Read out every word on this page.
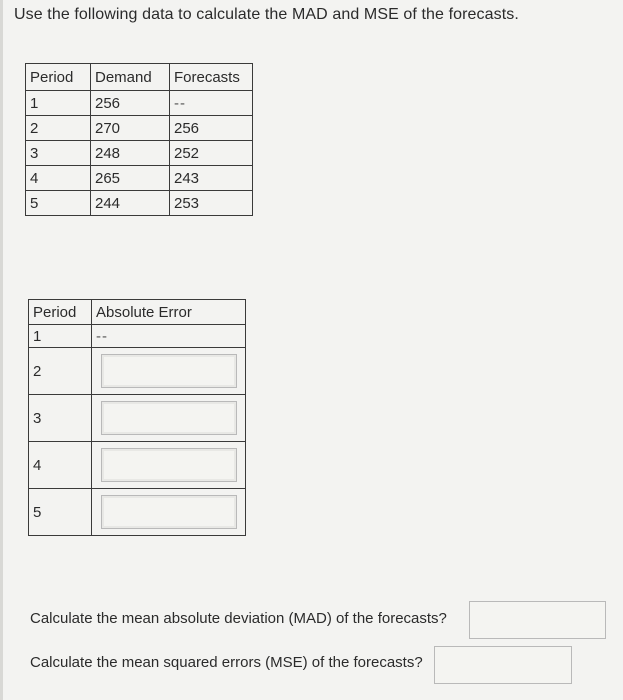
Use the following data to calculate the MAD and MSE of the forecasts.
Period	Demand	Forecasts
1	256	--
2	270	256
3	248	252
4	265	243
5	244	253
Period	Absolute Error
1	--
2	

3	

4	

5	
Calculate the mean absolute deviation (MAD) of the forecasts?
Calculate the mean squared errors (MSE) of the forecasts?
